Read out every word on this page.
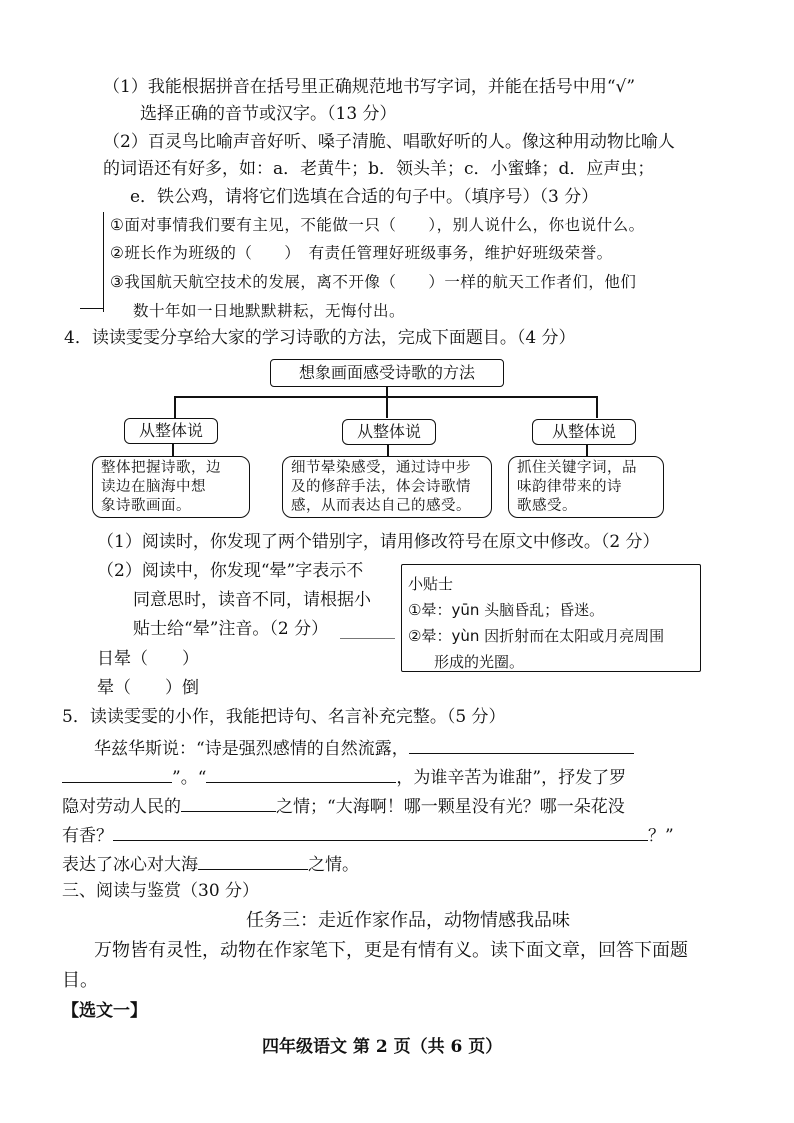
（1）我能根据拼音在括号里正确规范地书写字词，并能在括号中用“√”
选择正确的音节或汉字。（13 分）
（2）百灵鸟比喻声音好听、嗓子清脆、唱歌好听的人。像这种用动物比喻人
的词语还有好多，如：a．老黄牛；b．领头羊；c．小蜜蜂；d．应声虫；
e．铁公鸡，请将它们选填在合适的句子中。（填序号）（3 分）
①面对事情我们要有主见，不能做一只（　　），别人说什么，你也说什么。
②班长作为班级的（　　）　有责任管理好班级事务，维护好班级荣誉。
③我国航天航空技术的发展，离不开像（　　）一样的航天工作者们，他们
数十年如一日地默默耕耘，无悔付出。
4．读读雯雯分享给大家的学习诗歌的方法，完成下面题目。（4 分）
想象画面感受诗歌的方法
从整体说	从整体说	从整体说
整体把握诗歌，边
读边在脑海中想
象诗歌画面。
细节晕染感受，通过诗中步
及的修辞手法，体会诗歌情
感，从而表达自己的感受。
抓住关键字词，品
味韵律带来的诗
歌感受。
（1）阅读时，你发现了两个错别字，请用修改符号在原文中修改。（2 分）
（2）阅读中，你发现“晕”字表示不
同意思时，读音不同，请根据小
贴士给“晕”注音。（2 分）
日晕（　　）
晕（　　）倒
小贴士
①晕：yūn 头脑昏乱；昏迷。
②晕：yùn 因折射而在太阳或月亮周围
形成的光圈。
5．读读雯雯的小作，我能把诗句、名言补充完整。（5 分）
华兹华斯说：“诗是强烈感情的自然流露，
”。“	，为谁辛苦为谁甜”，抒发了罗
隐对劳动人民的	之情；“大海啊！哪一颗星没有光？哪一朵花没
有香？	？”
表达了冰心对大海	之情。
三、阅读与鉴赏（30 分）
任务三：走近作家作品，动物情感我品味
万物皆有灵性，动物在作家笔下，更是有情有义。读下面文章，回答下面题
目。
【选文一】
四年级语文 第 2 页（共 6 页）
